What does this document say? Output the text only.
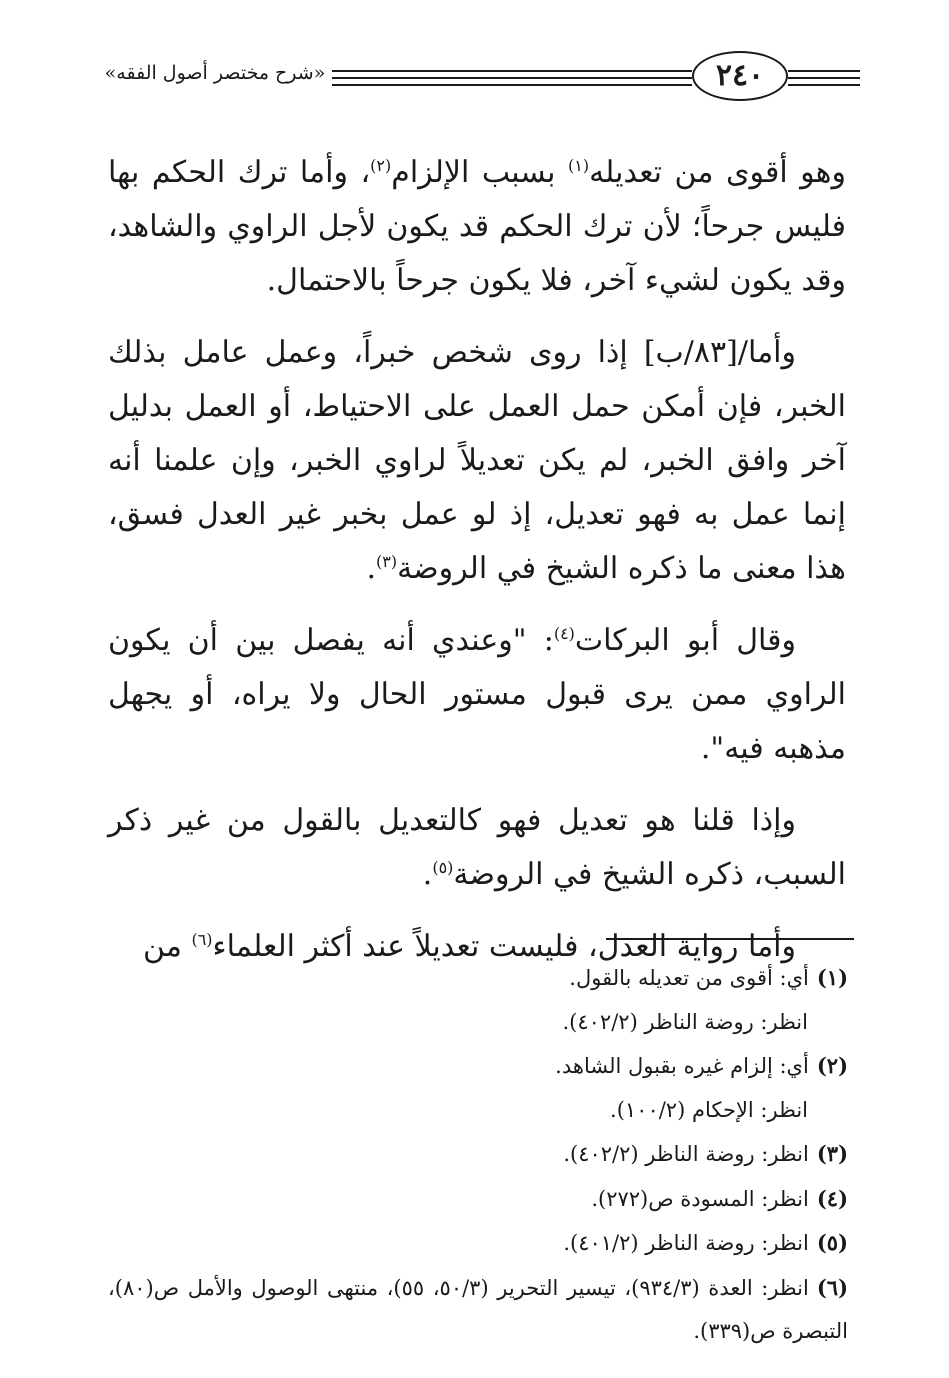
«شرح مختصر أصول الفقه»	٢٤٠

وهو أقوى من تعديله$^{(١)}$ بسبب الإلزام$^{(٢)}$، وأما ترك الحكم بها فليس جرحاً؛ لأن ترك الحكم قد يكون لأجل الراوي والشاهد، وقد يكون لشيء آخر، فلا يكون جرحاً بالاحتمال.

وأما/[٨٣/ب] إذا روى شخص خبراً، وعمل عامل بذلك الخبر، فإن أمكن حمل العمل على الاحتياط، أو العمل بدليل آخر وافق الخبر، لم يكن تعديلاً لراوي الخبر، وإن علمنا أنه إنما عمل به فهو تعديل، إذ لو عمل بخبر غير العدل فسق، هذا معنى ما ذكره الشيخ في الروضة$^{(٣)}$.

وقال أبو البركات$^{(٤)}$: "وعندي أنه يفصل بين أن يكون الراوي ممن يرى قبول مستور الحال ولا يراه، أو يجهل مذهبه فيه".

وإذا قلنا هو تعديل فهو كالتعديل بالقول من غير ذكر السبب، ذكره الشيخ في الروضة$^{(٥)}$.

وأما رواية العدل، فليست تعديلاً عند أكثر العلماء$^{(٦)}$ من

(١)أي: أقوى من تعديله بالقول.

انظر: روضة الناظر (٤٠٢/٢).

(٢)أي: إلزام غيره بقبول الشاهد.

انظر: الإحكام (١٠٠/٢).

(٣)انظر: روضة الناظر (٤٠٢/٢).

(٤)انظر: المسودة ص(٢٧٢).

(٥)انظر: روضة الناظر (٤٠١/٢).

(٦)انظر: العدة (٩٣٤/٣)، تيسير التحرير (٥٠/٣، ٥٥)، منتهى الوصول والأمل ص(٨٠)، التبصرة ص(٣٣٩).
